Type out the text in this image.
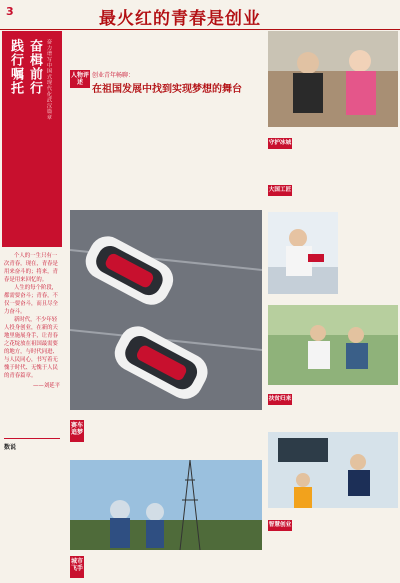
3	最火红的青春是创业
践行嘱托 奋楫前行 奋力谱写中国式现代化武汉篇章

个人的一生只有一次青春，现在，青春是用来奋斗的；将来，青春是用来回忆的。

人生的每个阶段，都需要奋斗；青春，不仅一要奋斗，而且尽全力奋斗。

新时代，不少年轻人投身创业，在新的天地里施展身手，让青春之花绽放在祖国最需要的地方，与时代同进、与人民同心，书写着无愧于时代、无愧于人民的青春篇章。

——刘延平
数说
人物评述
创业青年畅聊：
在祖国发展中找到实现梦想的舞台
赛车追梦
城市飞手
守护冰城
大国工匠
扶贫归来
智慧创业
